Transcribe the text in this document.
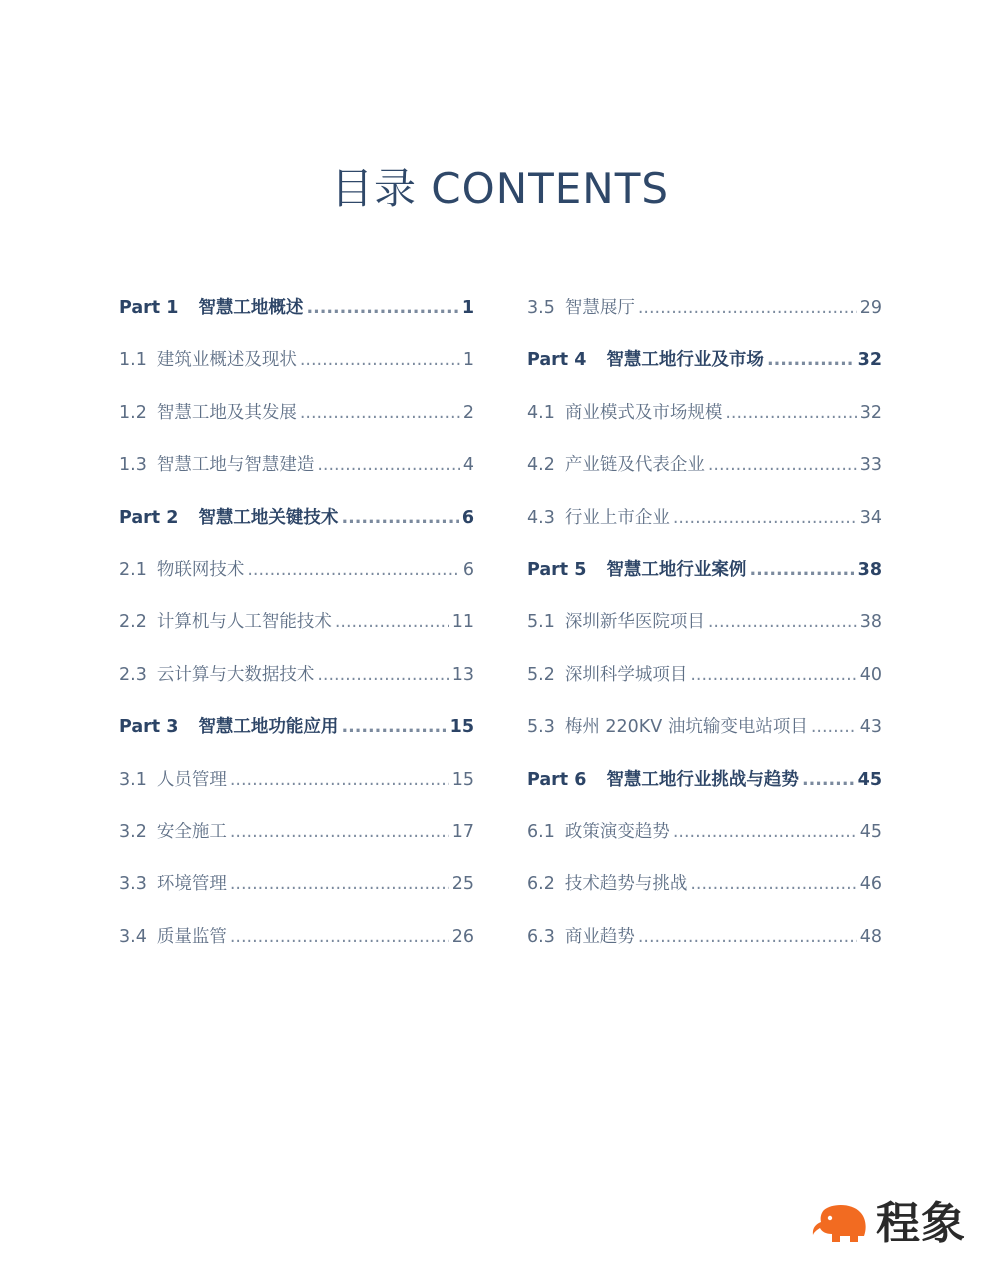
目录 CONTENTS
Part 1 智慧工地概述 .....	1
1.1 建筑业概述及现状 .....	1
1.2 智慧工地及其发展 .....	2
1.3 智慧工地与智慧建造 .....	4
Part 2 智慧工地关键技术 .....	6
2.1 物联网技术 .....	6
2.2 计算机与人工智能技术 .....	11
2.3 云计算与大数据技术 .....	13
Part 3 智慧工地功能应用 .....	15
3.1 人员管理 .....	15
3.2 安全施工 .....	17
3.3 环境管理 .....	25
3.4 质量监管 .....	26
3.5 智慧展厅 .....	29
Part 4 智慧工地行业及市场 .....	32
4.1 商业模式及市场规模 .....	32
4.2 产业链及代表企业 .....	33
4.3 行业上市企业 .....	34
Part 5 智慧工地行业案例 .....	38
5.1 深圳新华医院项目 .....	38
5.2 深圳科学城项目 .....	40
5.3 梅州 220KV 油坑输变电站项目 .....	43
Part 6 智慧工地行业挑战与趋势 .....	45
6.1 政策演变趋势 .....	45
6.2 技术趋势与挑战 .....	46
6.3 商业趋势 .....	48
程象
